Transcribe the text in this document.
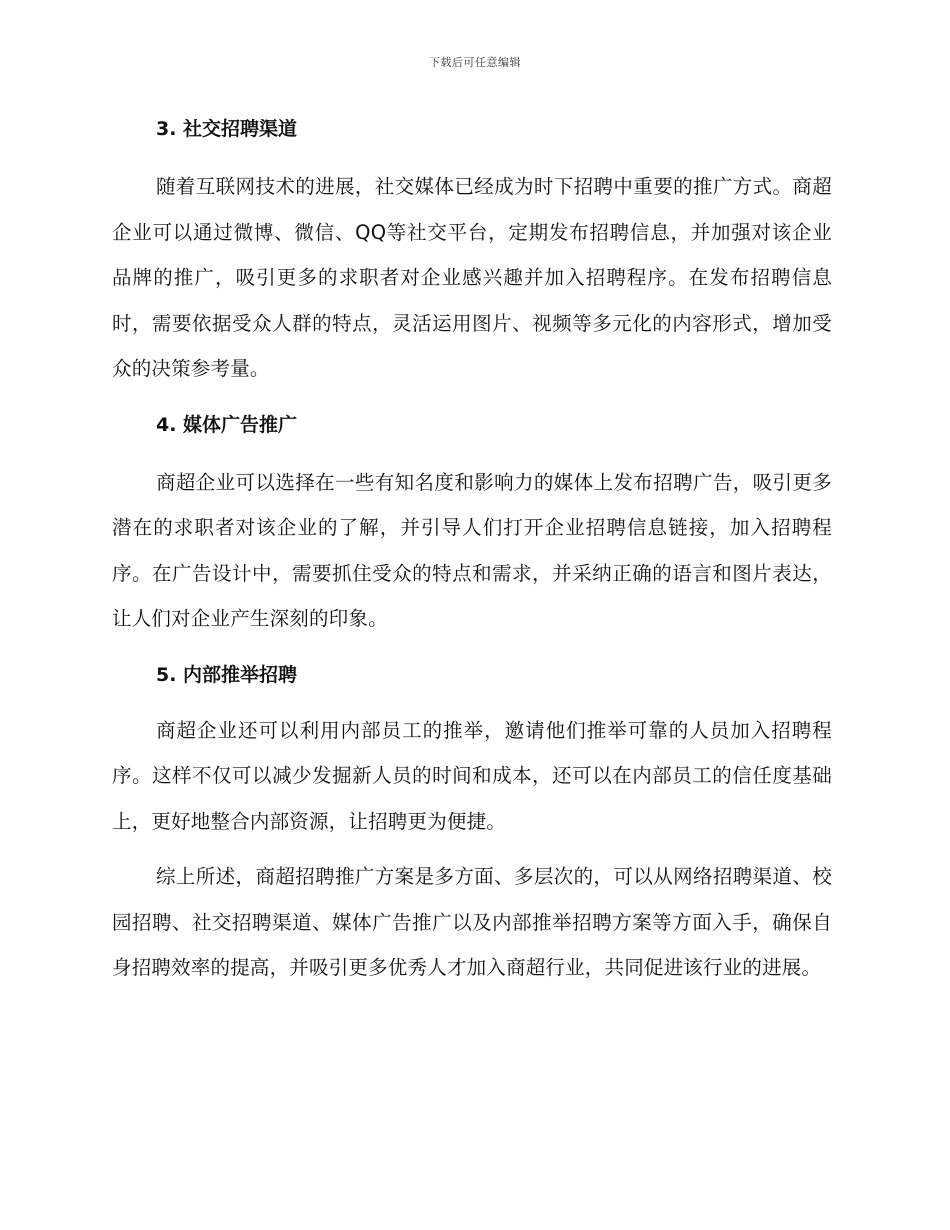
下载后可任意编辑
3. 社交招聘渠道

随着互联网技术的进展，社交媒体已经成为时下招聘中重要的推广方式。商超企业可以通过微博、微信、QQ等社交平台，定期发布招聘信息，并加强对该企业品牌的推广，吸引更多的求职者对企业感兴趣并加入招聘程序。在发布招聘信息时，需要依据受众人群的特点，灵活运用图片、视频等多元化的内容形式，增加受众的决策参考量。

4. 媒体广告推广

商超企业可以选择在一些有知名度和影响力的媒体上发布招聘广告，吸引更多潜在的求职者对该企业的了解，并引导人们打开企业招聘信息链接，加入招聘程序。在广告设计中，需要抓住受众的特点和需求，并采纳正确的语言和图片表达，让人们对企业产生深刻的印象。

5. 内部推举招聘

商超企业还可以利用内部员工的推举，邀请他们推举可靠的人员加入招聘程序。这样不仅可以减少发掘新人员的时间和成本，还可以在内部员工的信任度基础上，更好地整合内部资源，让招聘更为便捷。

综上所述，商超招聘推广方案是多方面、多层次的，可以从网络招聘渠道、校园招聘、社交招聘渠道、媒体广告推广以及内部推举招聘方案等方面入手，确保自身招聘效率的提高，并吸引更多优秀人才加入商超行业，共同促进该行业的进展。
